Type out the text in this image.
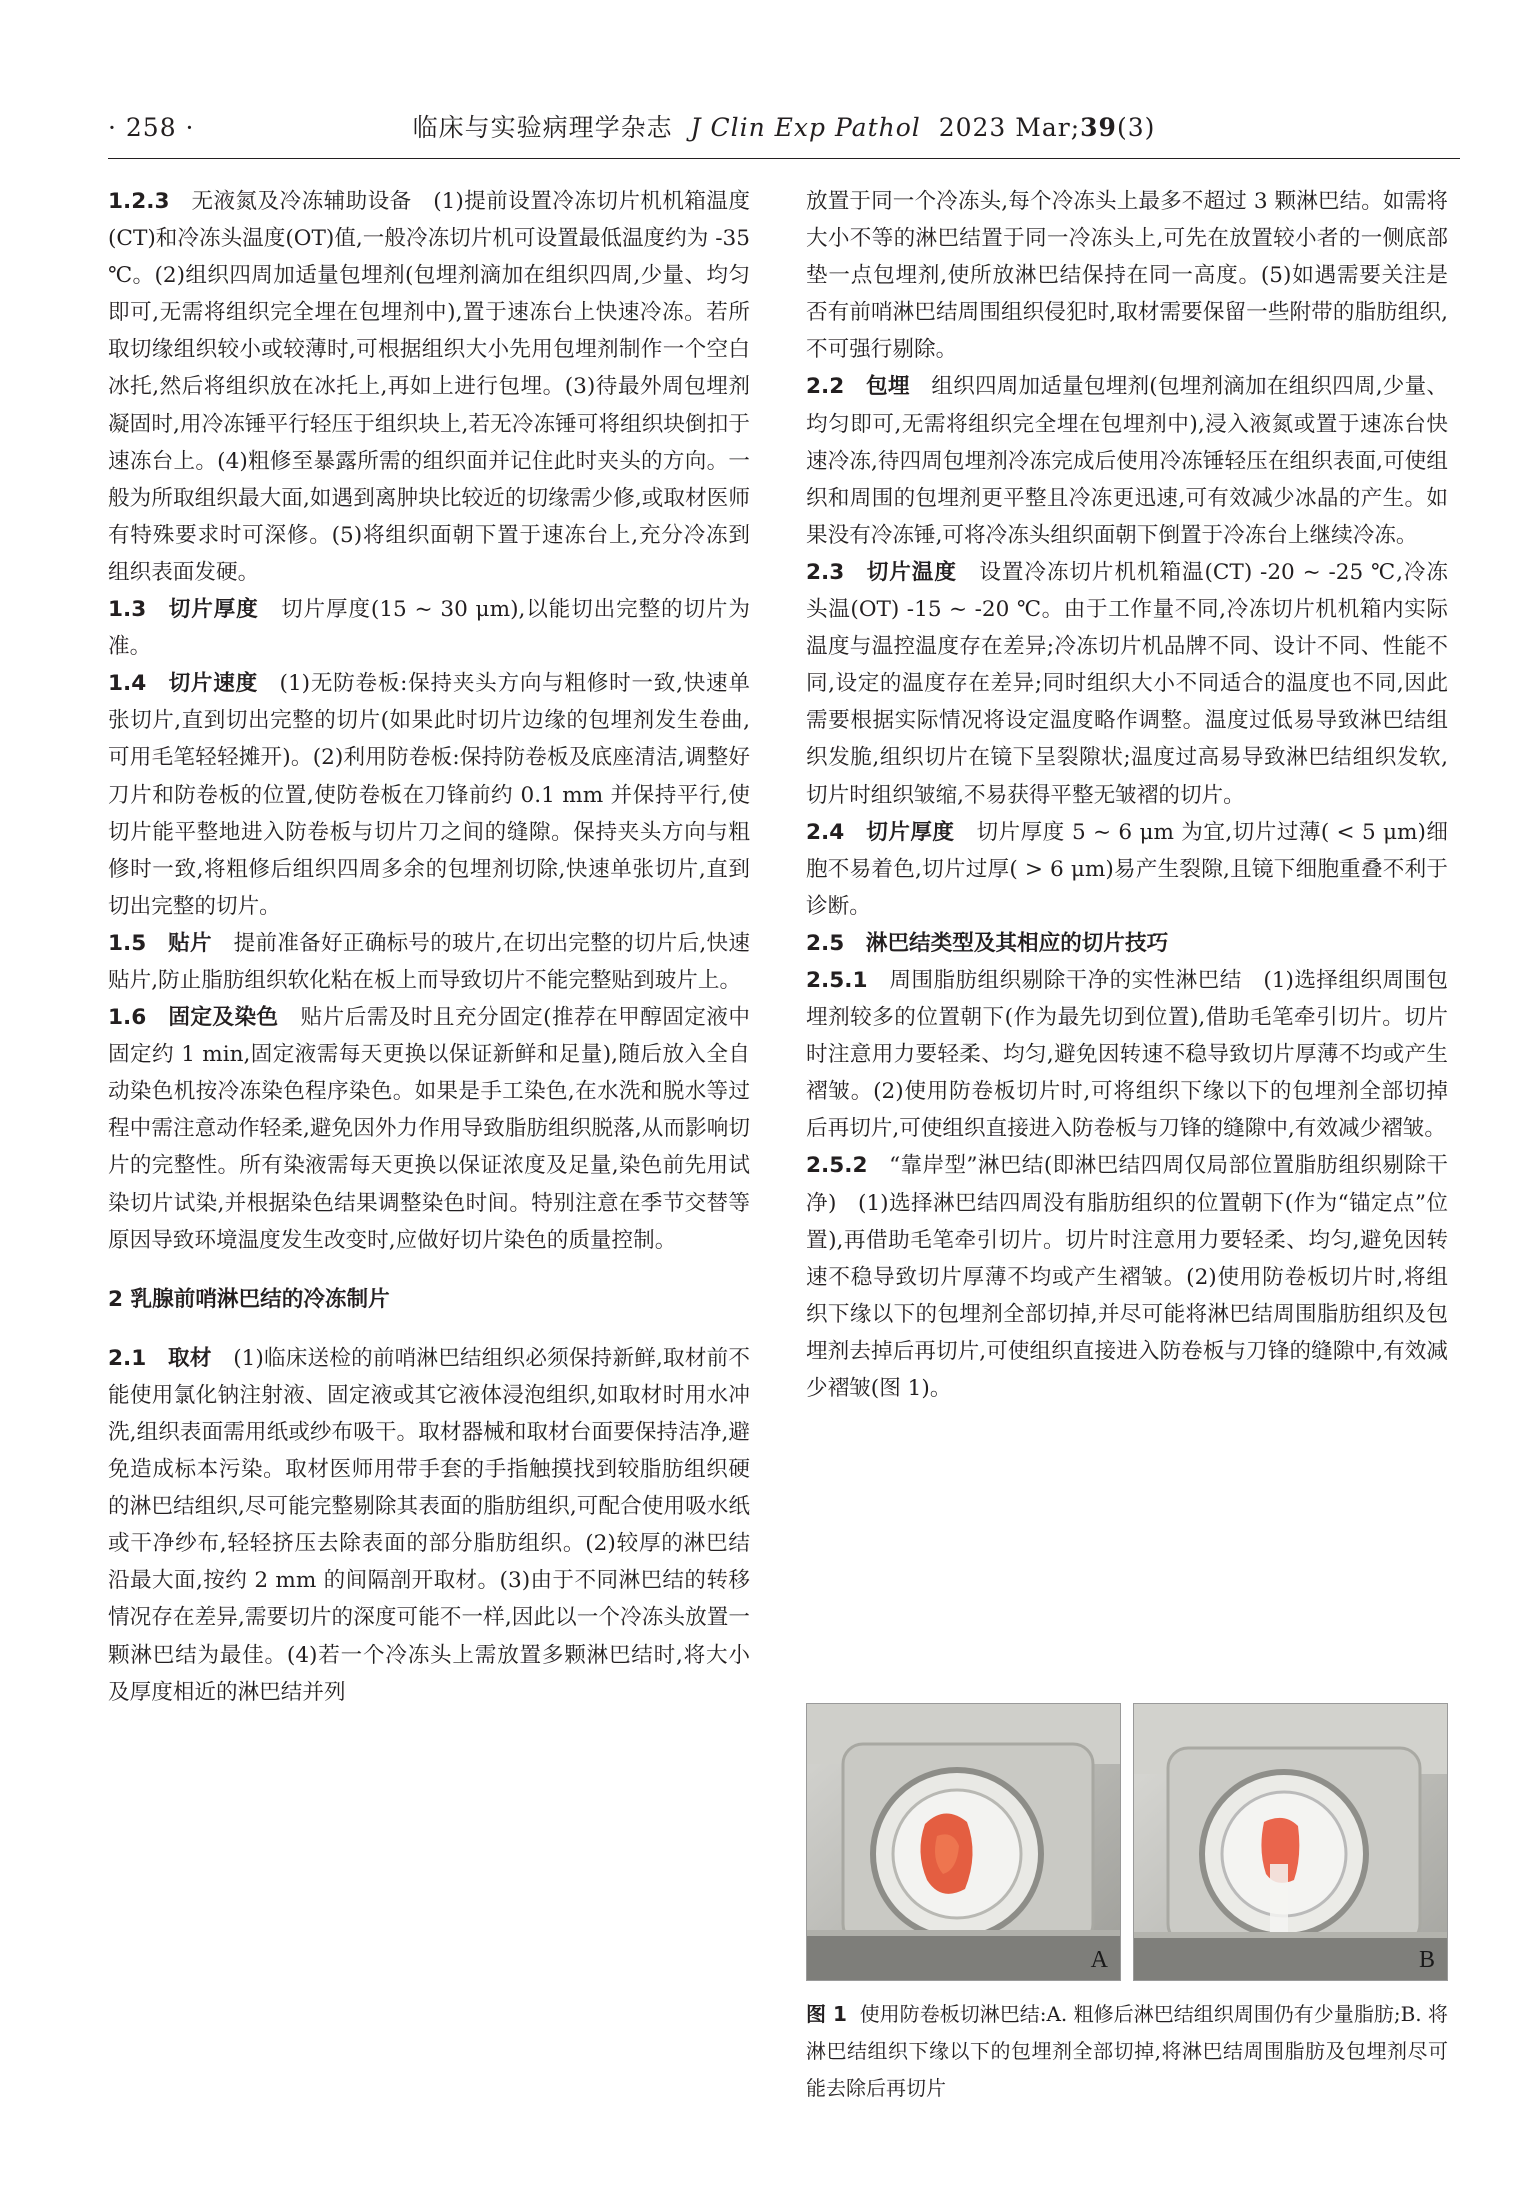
· 258 ·	临床与实验病理学杂志 J Clin Exp Pathol 2023 Mar;39(3)

1.2.3  无液氮及冷冻辅助设备  (1)提前设置冷冻切片机机箱温度(CT)和冷冻头温度(OT)值,一般冷冻切片机可设置最低温度约为 -35 ℃。(2)组织四周加适量包埋剂(包埋剂滴加在组织四周,少量、均匀即可,无需将组织完全埋在包埋剂中),置于速冻台上快速冷冻。若所取切缘组织较小或较薄时,可根据组织大小先用包埋剂制作一个空白冰托,然后将组织放在冰托上,再如上进行包埋。(3)待最外周包埋剂凝固时,用冷冻锤平行轻压于组织块上,若无冷冻锤可将组织块倒扣于速冻台上。(4)粗修至暴露所需的组织面并记住此时夹头的方向。一般为所取组织最大面,如遇到离肿块比较近的切缘需少修,或取材医师有特殊要求时可深修。(5)将组织面朝下置于速冻台上,充分冷冻到组织表面发硬。

1.3  切片厚度  切片厚度(15 ~ 30 μm),以能切出完整的切片为准。

1.4  切片速度  (1)无防卷板:保持夹头方向与粗修时一致,快速单张切片,直到切出完整的切片(如果此时切片边缘的包埋剂发生卷曲,可用毛笔轻轻摊开)。(2)利用防卷板:保持防卷板及底座清洁,调整好刀片和防卷板的位置,使防卷板在刀锋前约 0.1 mm 并保持平行,使切片能平整地进入防卷板与切片刀之间的缝隙。保持夹头方向与粗修时一致,将粗修后组织四周多余的包埋剂切除,快速单张切片,直到切出完整的切片。

1.5  贴片  提前准备好正确标号的玻片,在切出完整的切片后,快速贴片,防止脂肪组织软化粘在板上而导致切片不能完整贴到玻片上。

1.6  固定及染色  贴片后需及时且充分固定(推荐在甲醇固定液中固定约 1 min,固定液需每天更换以保证新鲜和足量),随后放入全自动染色机按冷冻染色程序染色。如果是手工染色,在水洗和脱水等过程中需注意动作轻柔,避免因外力作用导致脂肪组织脱落,从而影响切片的完整性。所有染液需每天更换以保证浓度及足量,染色前先用试染切片试染,并根据染色结果调整染色时间。特别注意在季节交替等原因导致环境温度发生改变时,应做好切片染色的质量控制。

2 乳腺前哨淋巴结的冷冻制片

2.1  取材  (1)临床送检的前哨淋巴结组织必须保持新鲜,取材前不能使用氯化钠注射液、固定液或其它液体浸泡组织,如取材时用水冲洗,组织表面需用纸或纱布吸干。取材器械和取材台面要保持洁净,避免造成标本污染。取材医师用带手套的手指触摸找到较脂肪组织硬的淋巴结组织,尽可能完整剔除其表面的脂肪组织,可配合使用吸水纸或干净纱布,轻轻挤压去除表面的部分脂肪组织。(2)较厚的淋巴结沿最大面,按约 2 mm 的间隔剖开取材。(3)由于不同淋巴结的转移情况存在差异,需要切片的深度可能不一样,因此以一个冷冻头放置一颗淋巴结为最佳。(4)若一个冷冻头上需放置多颗淋巴结时,将大小及厚度相近的淋巴结并列

放置于同一个冷冻头,每个冷冻头上最多不超过 3 颗淋巴结。如需将大小不等的淋巴结置于同一冷冻头上,可先在放置较小者的一侧底部垫一点包埋剂,使所放淋巴结保持在同一高度。(5)如遇需要关注是否有前哨淋巴结周围组织侵犯时,取材需要保留一些附带的脂肪组织,不可强行剔除。

2.2  包埋  组织四周加适量包埋剂(包埋剂滴加在组织四周,少量、均匀即可,无需将组织完全埋在包埋剂中),浸入液氮或置于速冻台快速冷冻,待四周包埋剂冷冻完成后使用冷冻锤轻压在组织表面,可使组织和周围的包埋剂更平整且冷冻更迅速,可有效减少冰晶的产生。如果没有冷冻锤,可将冷冻头组织面朝下倒置于冷冻台上继续冷冻。

2.3  切片温度  设置冷冻切片机机箱温(CT) -20 ~ -25 ℃,冷冻头温(OT) -15 ~ -20 ℃。由于工作量不同,冷冻切片机机箱内实际温度与温控温度存在差异;冷冻切片机品牌不同、设计不同、性能不同,设定的温度存在差异;同时组织大小不同适合的温度也不同,因此需要根据实际情况将设定温度略作调整。温度过低易导致淋巴结组织发脆,组织切片在镜下呈裂隙状;温度过高易导致淋巴结组织发软,切片时组织皱缩,不易获得平整无皱褶的切片。

2.4  切片厚度  切片厚度 5 ~ 6 μm 为宜,切片过薄( < 5 μm)细胞不易着色,切片过厚( > 6 μm)易产生裂隙,且镜下细胞重叠不利于诊断。

2.5  淋巴结类型及其相应的切片技巧 

2.5.1  周围脂肪组织剔除干净的实性淋巴结  (1)选择组织周围包埋剂较多的位置朝下(作为最先切到位置),借助毛笔牵引切片。切片时注意用力要轻柔、均匀,避免因转速不稳导致切片厚薄不均或产生褶皱。(2)使用防卷板切片时,可将组织下缘以下的包埋剂全部切掉后再切片,可使组织直接进入防卷板与刀锋的缝隙中,有效减少褶皱。

2.5.2  “靠岸型”淋巴结(即淋巴结四周仅局部位置脂肪组织剔除干净)  (1)选择淋巴结四周没有脂肪组织的位置朝下(作为“锚定点”位置),再借助毛笔牵引切片。切片时注意用力要轻柔、均匀,避免因转速不稳导致切片厚薄不均或产生褶皱。(2)使用防卷板切片时,将组织下缘以下的包埋剂全部切掉,并尽可能将淋巴结周围脂肪组织及包埋剂去掉后再切片,可使组织直接进入防卷板与刀锋的缝隙中,有效减少褶皱(图 1)。

A	B
图 1 使用防卷板切淋巴结:A. 粗修后淋巴结组织周围仍有少量脂肪;B. 将淋巴结组织下缘以下的包埋剂全部切掉,将淋巴结周围脂肪及包埋剂尽可能去除后再切片
